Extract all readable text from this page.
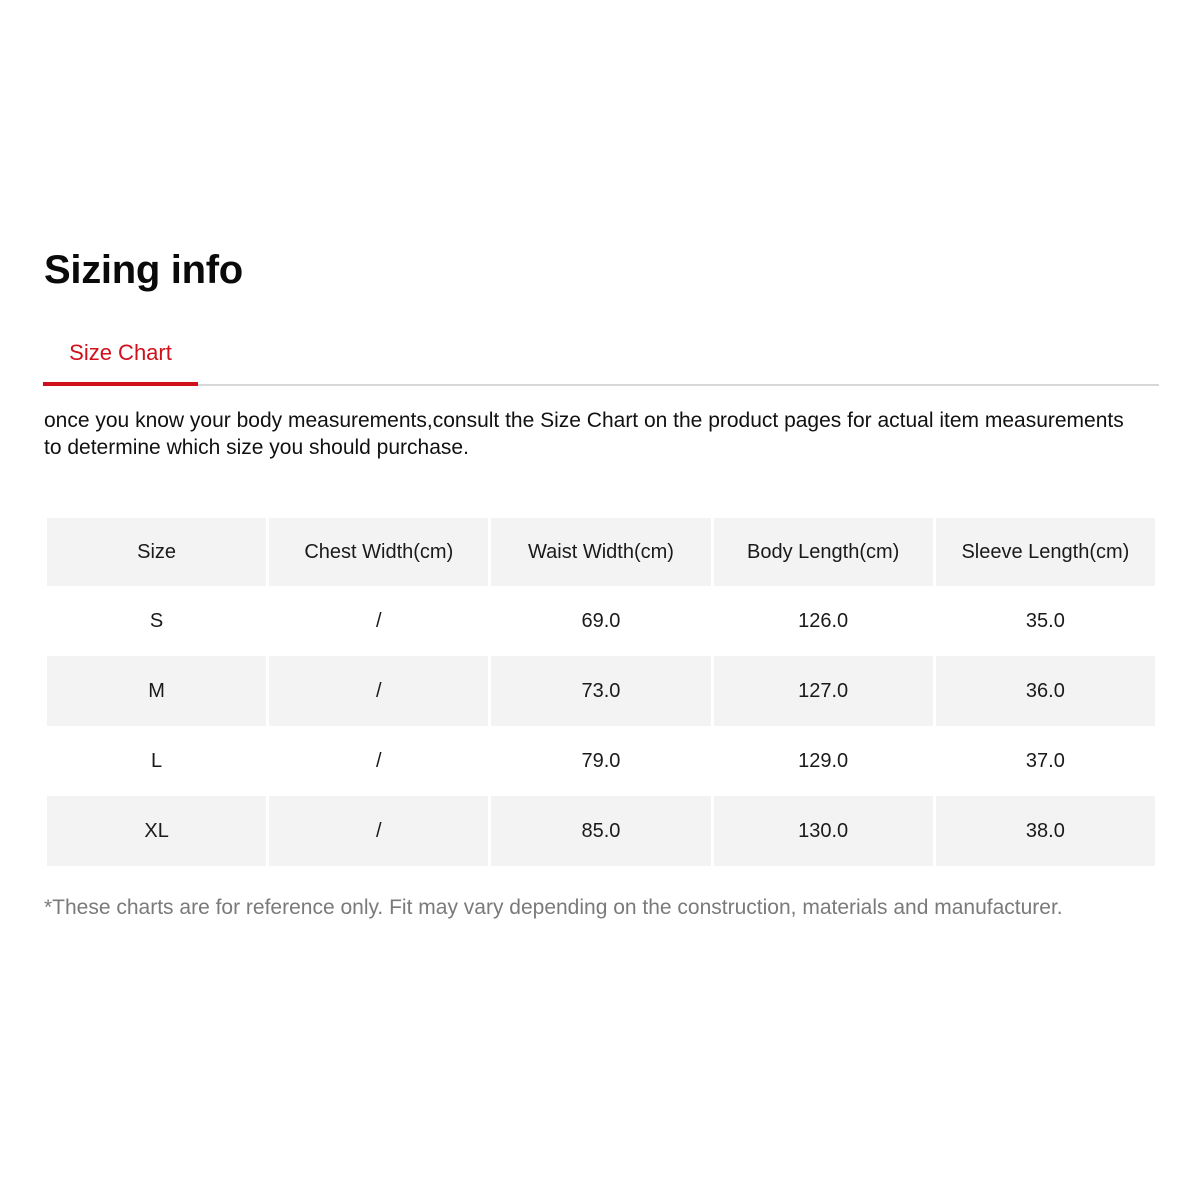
Sizing info
Size Chart

once you know your body measurements,consult the Size Chart on the product pages for actual item measurements to determine which size you should purchase.

Size	Chest Width(cm)	Waist Width(cm)	Body Length(cm)	Sleeve Length(cm)
S	/	69.0	126.0	35.0
M	/	73.0	127.0	36.0
L	/	79.0	129.0	37.0
XL	/	85.0	130.0	38.0

*These charts are for reference only. Fit may vary depending on the construction, materials and manufacturer.
